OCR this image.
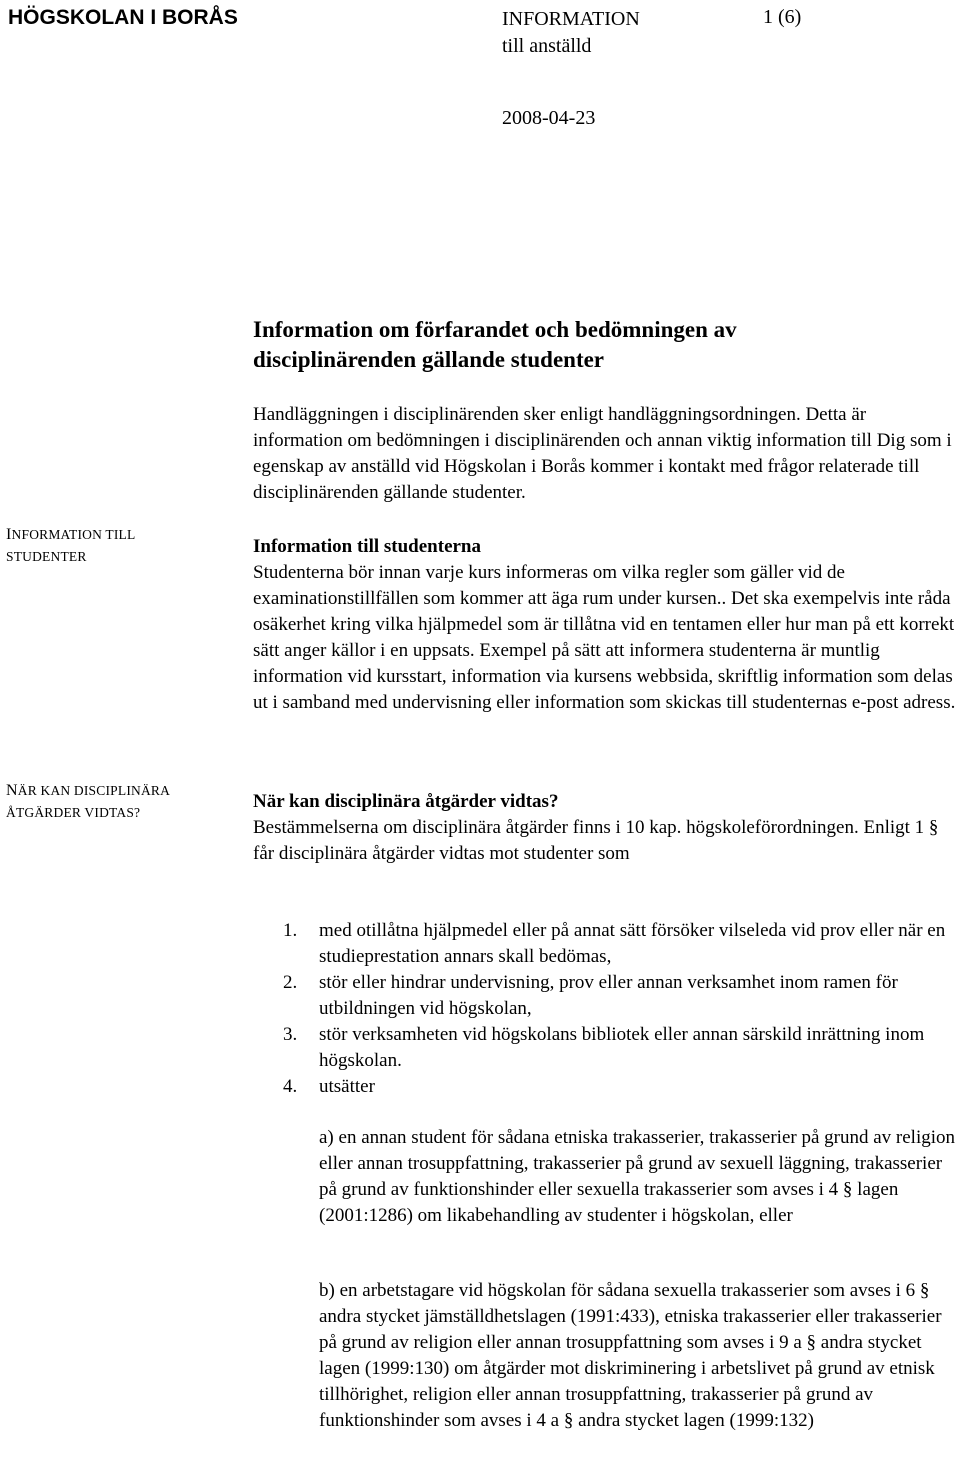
HÖGSKOLAN I BORÅS	INFORMATION
till anställd
1 (6)
2008-04-23
Information om förfarandet och bedömningen av
disciplinärenden gällande studenter
Handläggningen i disciplinärenden sker enligt handläggningsordningen. Detta är information om bedömningen i disciplinärenden och annan viktig information till Dig som i egenskap av anställd vid Högskolan i Borås kommer i kontakt med frågor relaterade till disciplinärenden gällande studenter.
INFORMATION TILL
STUDENTER
NÄR KAN DISCIPLINÄRA
ÅTGÄRDER VIDTAS?
Information till studenterna
Studenterna bör innan varje kurs informeras om vilka regler som gäller vid de examinationstillfällen som kommer att äga rum under kursen.. Det ska exempelvis inte råda osäkerhet kring vilka hjälpmedel som är tillåtna vid en tentamen eller hur man på ett korrekt sätt anger källor i en uppsats. Exempel på sätt att informera studenterna är muntlig information vid kursstart, information via kursens webbsida, skriftlig information som delas ut i samband med undervisning eller information som skickas till studenternas e-post adress.
När kan disciplinära åtgärder vidtas?
Bestämmelserna om disciplinära åtgärder finns i 10 kap. högskoleförordningen. Enligt 1 § får disciplinära åtgärder vidtas mot studenter som
1. med otillåtna hjälpmedel eller på annat sätt försöker vilseleda vid prov eller när en studieprestation annars skall bedömas,
2. stör eller hindrar undervisning, prov eller annan verksamhet inom ramen för utbildningen vid högskolan,
3. stör verksamheten vid högskolans bibliotek eller annan särskild inrättning inom högskolan.
4. utsätter
a) en annan student för sådana etniska trakasserier, trakasserier på grund av religion eller annan trosuppfattning, trakasserier på grund av sexuell läggning, trakasserier på grund av funktionshinder eller sexuella trakasserier som avses i 4 § lagen (2001:1286) om likabehandling av studenter i högskolan, eller
b) en arbetstagare vid högskolan för sådana sexuella trakasserier som avses i 6 § andra stycket jämställdhetslagen (1991:433), etniska trakasserier eller trakasserier på grund av religion eller annan trosuppfattning som avses i 9 a § andra stycket lagen (1999:130) om åtgärder mot diskriminering i arbetslivet på grund av etnisk tillhörighet, religion eller annan trosuppfattning, trakasserier på grund av funktionshinder som avses i 4 a § andra stycket lagen (1999:132)
